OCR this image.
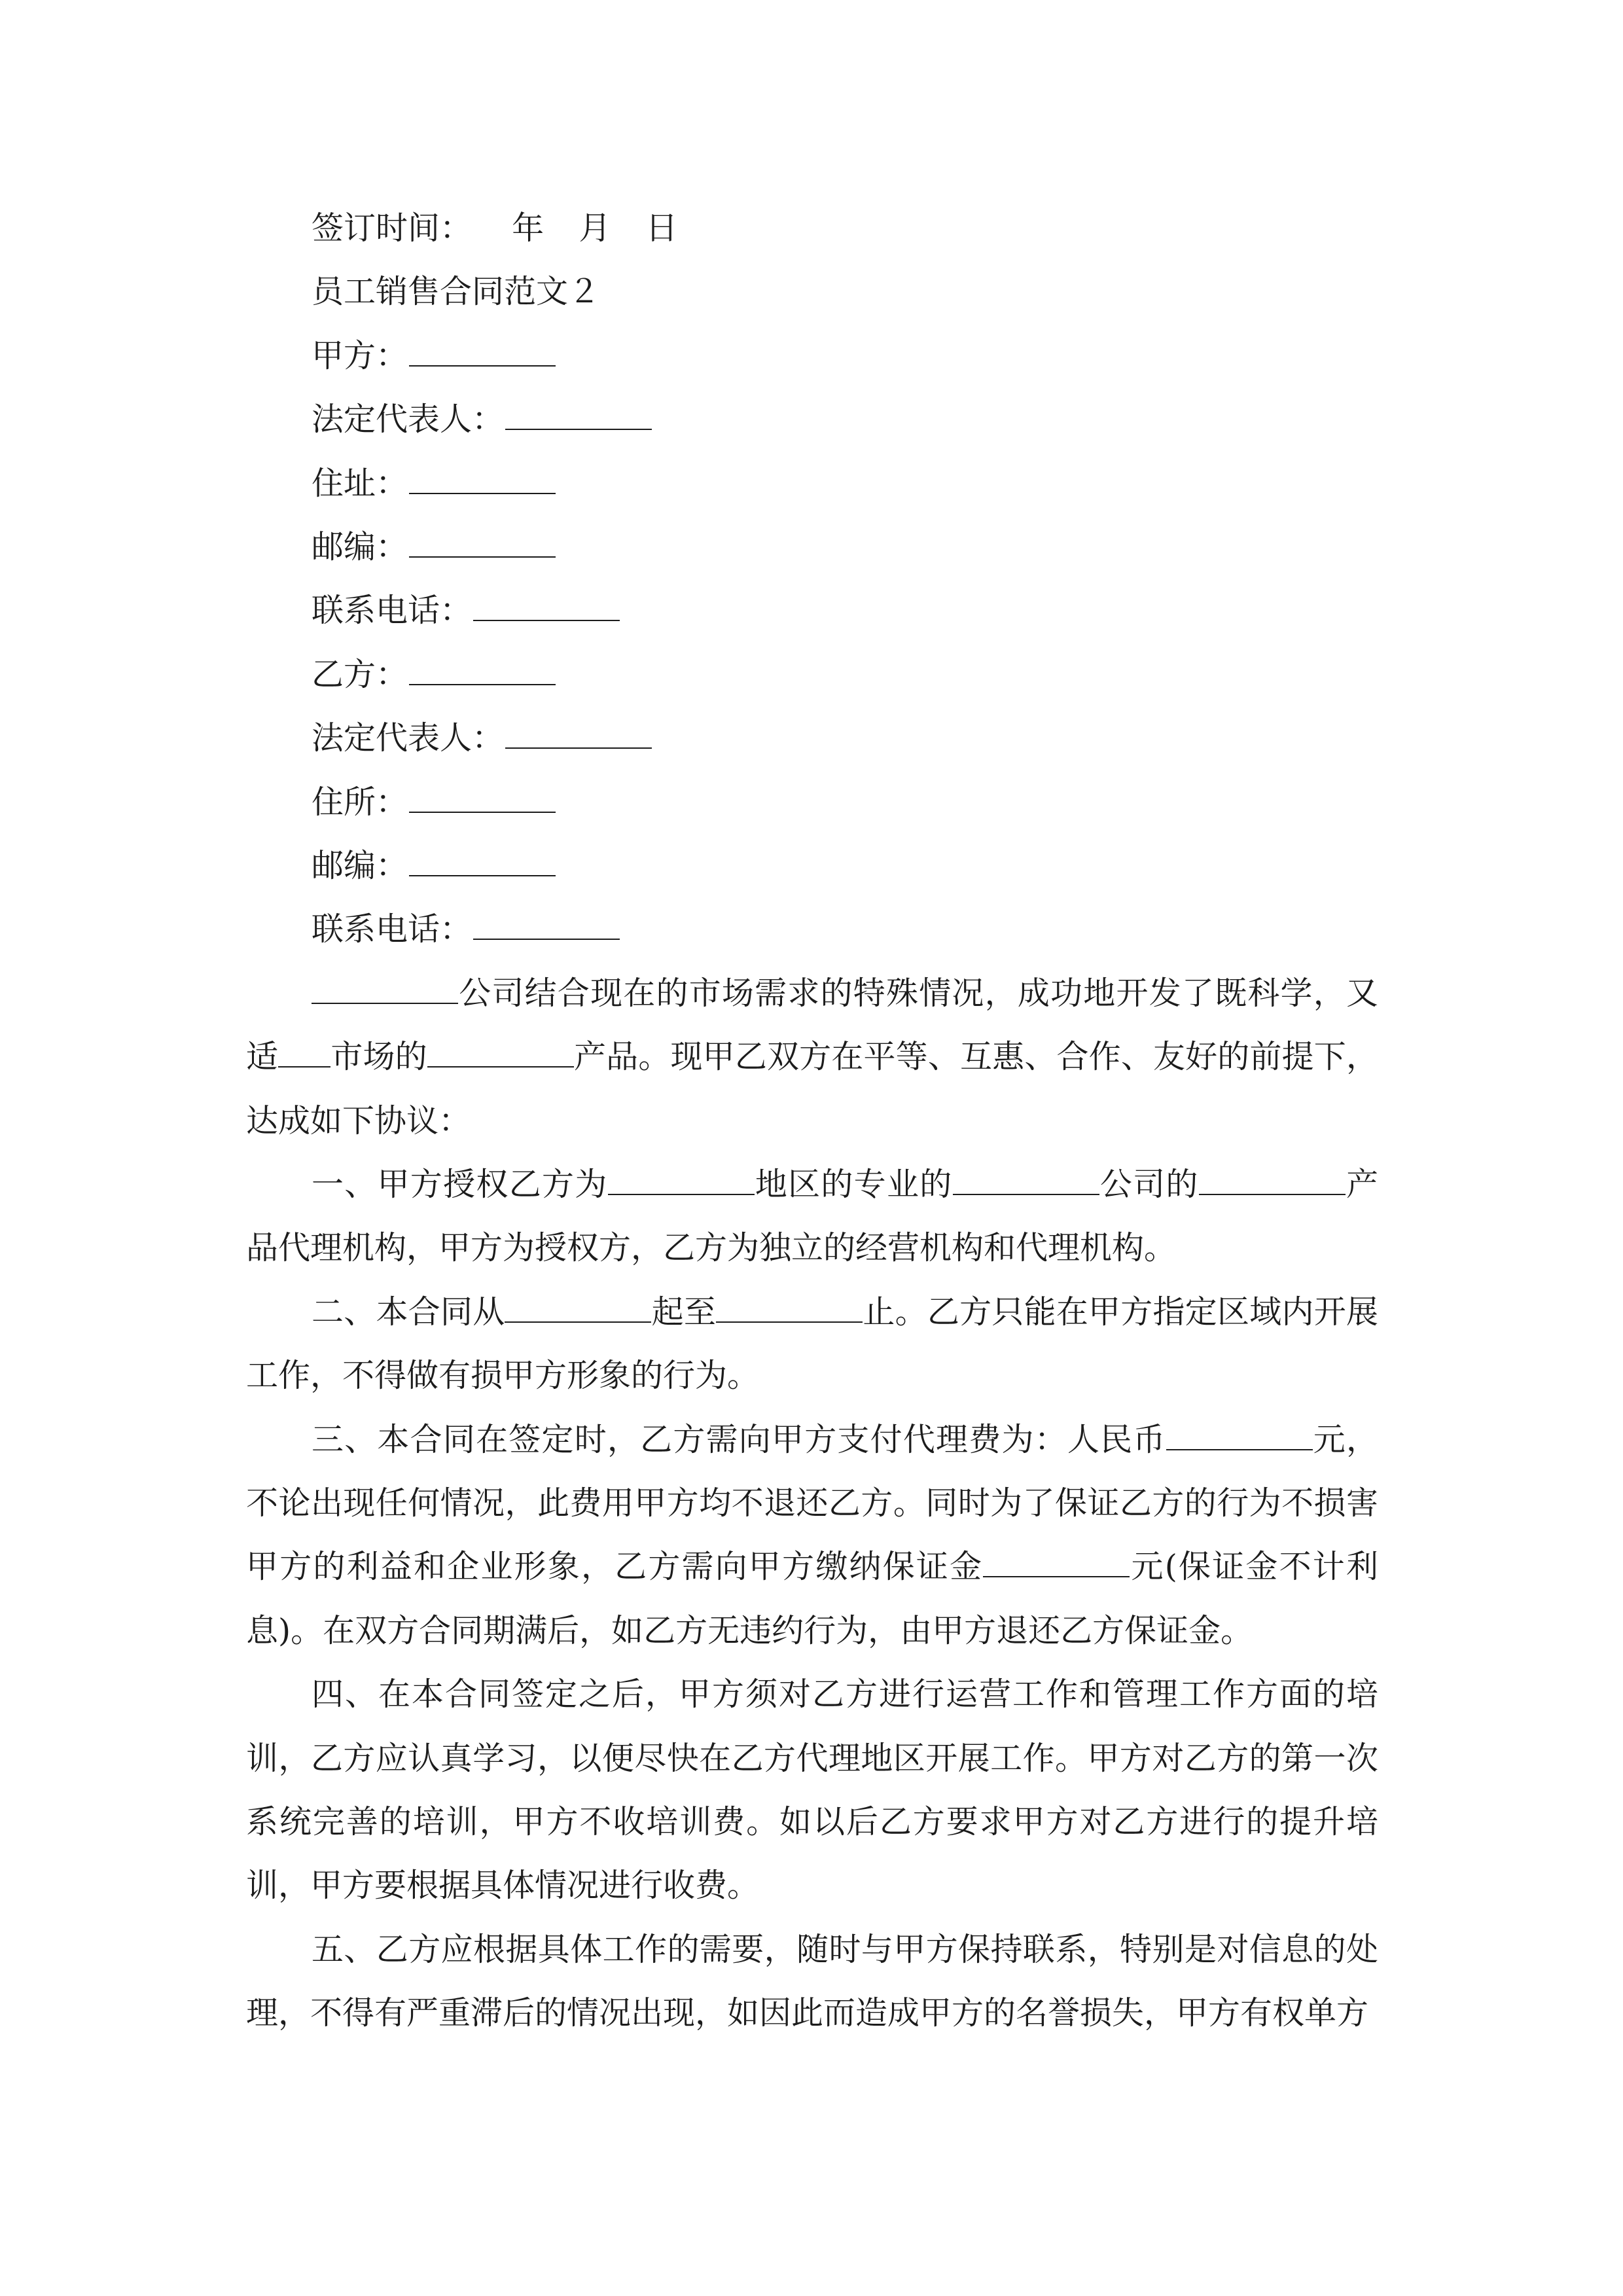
签订时间： 年 月 日
员工销售合同范文２
甲方：
法定代表人：
住址：
邮编：
联系电话：
乙方：
法定代表人：
住所：
邮编：
联系电话：
公司结合现在的市场需求的特殊情况，成功地开发了既科学，又适 市场的	产品。现甲乙双方在平等、互惠、合作、友好的前提下，达成如下协议：
一、甲方授权乙方为	地区的专业的	公司的	产品代理机构，甲方为授权方，乙方为独立的经营机构和代理机构。
二、本合同从	起至	止。乙方只能在甲方指定区域内开展工作，不得做有损甲方形象的行为。
三、本合同在签定时，乙方需向甲方支付代理费为：人民币	元，不论出现任何情况，此费用甲方均不退还乙方。同时为了保证乙方的行为不损害甲方的利益和企业形象，乙方需向甲方缴纳保证金	元(保证金不计利息)。在双方合同期满后，如乙方无违约行为，由甲方退还乙方保证金。
四、在本合同签定之后，甲方须对乙方进行运营工作和管理工作方面的培训，乙方应认真学习，以便尽快在乙方代理地区开展工作。甲方对乙方的第一次系统完善的培训，甲方不收培训费。如以后乙方要求甲方对乙方进行的提升培训，甲方要根据具体情况进行收费。
五、乙方应根据具体工作的需要，随时与甲方保持联系，特别是对信息的处理，不得有严重滞后的情况出现，如因此而造成甲方的名誉损失，甲方有权单方
